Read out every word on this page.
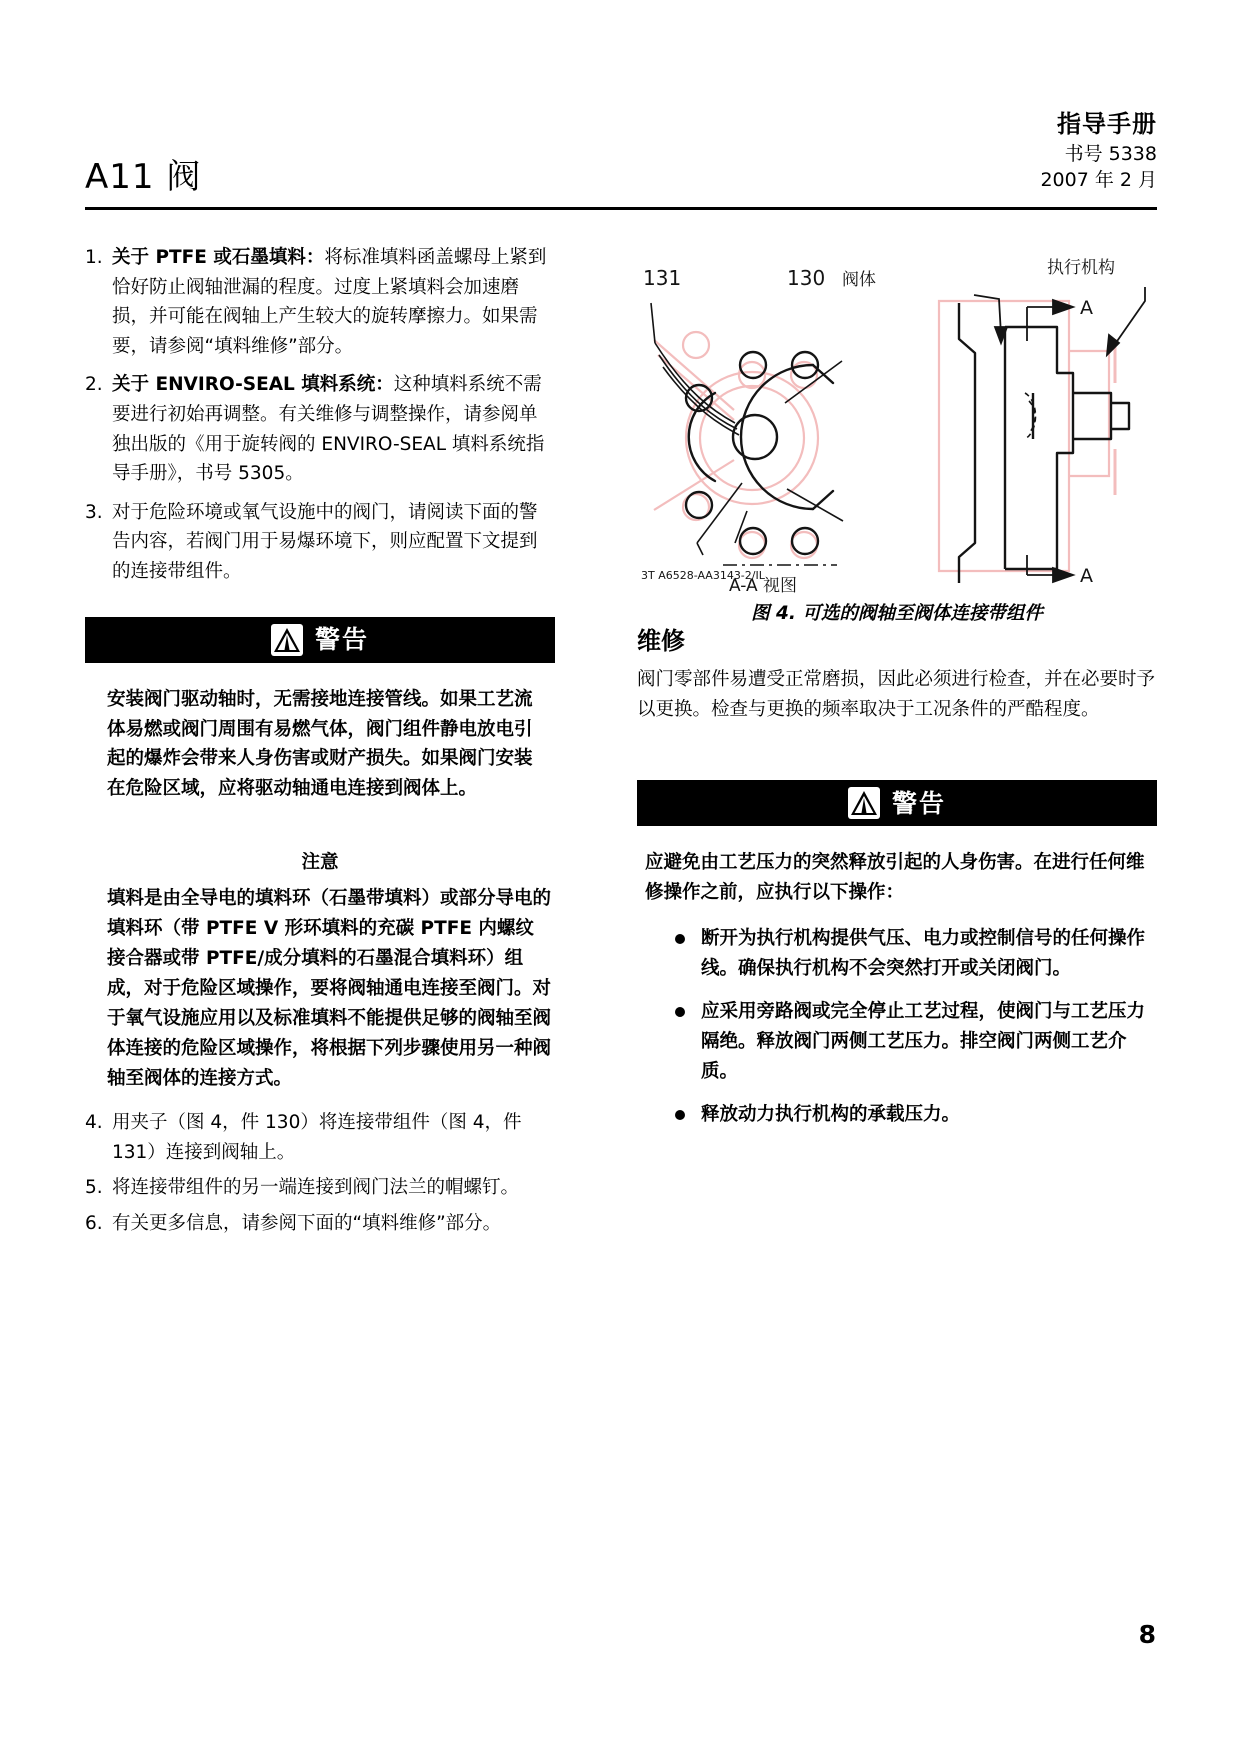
A11 阀
指导手册
书号 5338
2007 年 2 月
1. 关于 PTFE 或石墨填料：将标准填料函盖螺母上紧到恰好防止阀轴泄漏的程度。过度上紧填料会加速磨损，并可能在阀轴上产生较大的旋转摩擦力。如果需要，请参阅“填料维修”部分。
2. 关于 ENVIRO-SEAL 填料系统：这种填料系统不需要进行初始再调整。有关维修与调整操作，请参阅单独出版的《用于旋转阀的 ENVIRO-SEAL 填料系统指导手册》，书号 5305。
3. 对于危险环境或氧气设施中的阀门，请阅读下面的警告内容，若阀门用于易爆环境下，则应配置下文提到的连接带组件。
警告
安装阀门驱动轴时，无需接地连接管线。如果工艺流体易燃或阀门周围有易燃气体，阀门组件静电放电引起的爆炸会带来人身伤害或财产损失。如果阀门安装在危险区域，应将驱动轴通电连接到阀体上。
注意
填料是由全导电的填料环（石墨带填料）或部分导电的填料环（带 PTFE V 形环填料的充碳 PTFE 内螺纹接合器或带 PTFE/成分填料的石墨混合填料环）组成，对于危险区域操作，要将阀轴通电连接至阀门。对于氧气设施应用以及标准填料不能提供足够的阀轴至阀体连接的危险区域操作，将根据下列步骤使用另一种阀轴至阀体的连接方式。
4. 用夹子（图 4，件 130）将连接带组件（图 4，件 131）连接到阀轴上。
5. 将连接带组件的另一端连接到阀门法兰的帽螺钉。
6. 有关更多信息，请参阅下面的“填料维修”部分。
131	130 阀体
执行机构
A
A
3T A6528-AA3143-2/IL
A-A 视图
图 4. 可选的阀轴至阀体连接带组件
维修
阀门零部件易遭受正常磨损，因此必须进行检查，并在必要时予以更换。检查与更换的频率取决于工况条件的严酷程度。
警告
应避免由工艺压力的突然释放引起的人身伤害。在进行任何维修操作之前，应执行以下操作：
断开为执行机构提供气压、电力或控制信号的任何操作线。确保执行机构不会突然打开或关闭阀门。
应采用旁路阀或完全停止工艺过程，使阀门与工艺压力隔绝。释放阀门两侧工艺压力。排空阀门两侧工艺介质。
释放动力执行机构的承载压力。
8
